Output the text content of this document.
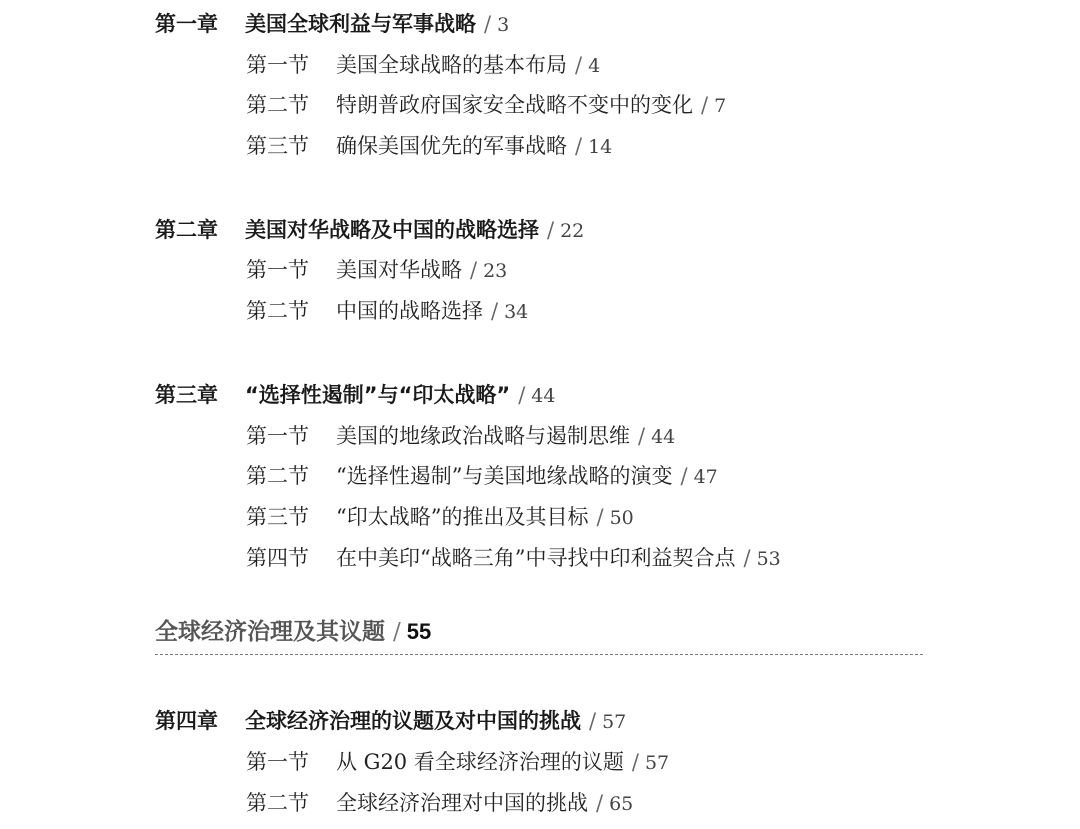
第一章 美国全球利益与军事战略 / 3
第一节 美国全球战略的基本布局 / 4
第二节 特朗普政府国家安全战略不变中的变化 / 7
第三节 确保美国优先的军事战略 / 14
第二章 美国对华战略及中国的战略选择 / 22
第一节 美国对华战略 / 23
第二节 中国的战略选择 / 34
第三章 “选择性遏制”与“印太战略” / 44
第一节 美国的地缘政治战略与遏制思维 / 44
第二节 “选择性遏制”与美国地缘战略的演变 / 47
第三节 “印太战略”的推出及其目标 / 50
第四节 在中美印“战略三角”中寻找中印利益契合点 / 53
全球经济治理及其议题 / 55
第四章 全球经济治理的议题及对中国的挑战 / 57
第一节 从 G20 看全球经济治理的议题 / 57
第二节 全球经济治理对中国的挑战 / 65
